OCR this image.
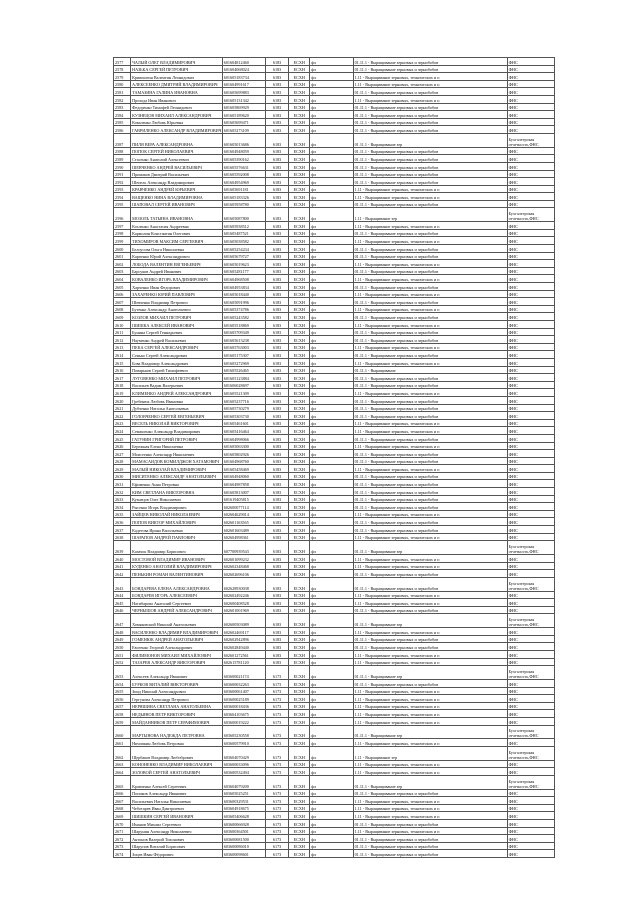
2577	ЧАЛЫЙ ОЛЕГ ВЛАДИМИРОВИЧ	601604812460	6183	ЕСХН	фл	01.11.1 - Выращивание зерновых и зернобобов	ФНС
2578	НАЗЬКА СЕРГЕЙ ПЕТРОВИЧ	601604068024	6183	ЕСХН	фл	01.11.1 - Выращивание зерновых и зернобобов	ФНС
2579	Кривошеин Валентин Леонидович	601605183734	6183	ЕСХН	фл	1.11 - Выращивание зерновых, технических и п	ФНС
2580	АЛЕКСЕЕНКО ДМИТРИЙ ВЛАДИМИРОВИЧ	601604991617	6183	ЕСХН	фл	1.11 - Выращивание зерновых, технических и п	ФНС
2581	ТАМАЗИНА ГАЛИНА ИВАНОВНА	601605699883	6183	ЕСХН	фл	01.11.1 - Выращивание зерновых и зернобобов	ФНС
2582	Прохода Иван Иванович	601605131342	6183	ЕСХН	фл	1.11 - Выращивание зерновых, технических и п	ФНС
2583	Федоренко Тимофей Леонидович	601605869929	6183	ЕСХН	фл	01.11.1 - Выращивание зерновых и зернобобов	ФНС
2584	КУЗНЕЦОВ МИХАИЛ АЛЕКСАНДРОВИЧ	601605189620	6183	ЕСХН	фл	01.11.1 - Выращивание зерновых и зернобобов	ФНС
2585	Коваленко Любовь Юрьевна	601605699471	6183	ЕСХН	фл	01.11.1 - Выращивание зерновых и зернобобов	ФНС
2586	ГАВРИЛЕНКО АЛЕКСАНДР ВЛАДИМИРОВИЧ	601605273109	6183	ЕСХН	фл	01.11.1 - Выращивание зерновых и зернобобов	ФНС
2587	ПИЛЯ ВЕРА АЛЕКСАНДРОВНА	601605013686	6183	ЕСХН	фл	01.11.1 - Выращивание зер	Бухгалтерская отчетность,ФНС
2588	ПОПОК СЕРГЕЙ НИКОЛАЕВИЧ	601604948059	6183	ЕСХН	фл	01.11.1 - Выращивание зерновых и зернобобов	ФНС
2589	Стасенко Анатолий Алексеевич	601605390162	6183	ЕСХН	фл	01.11.1 - Выращивание зерновых и зернобобов	ФНС
2590	ШЕВЧЕНКО АНДРЕЙ ВАСИЛЬЕВИЧ	601605576631	6183	ЕСХН	фл	01.11.1 - Выращивание зерновых и зернобобов	ФНС
2591	Примаков Дмитрий Васильевич	601605592008	6183	ЕСХН	фл	01.11.1 - Выращивание зерновых и зернобобов	ФНС
2592	Шепель Александр Владимирович	601604954969	6183	ЕСХН	фл	01.11.1 - Выращивание зерновых и зернобобов	ФНС
2593	КРАВЧЕНКО АНДРЕЙ ЮРЬЕВИЧ	601605691181	6183	ЕСХН	фл	1.11 - Выращивание зерновых, технических и п	ФНС
2594	ВАЩЕНКО НИНА ВЛАДИМИРОВНА	601605183326	6183	ЕСХН	фл	1.11 - Выращивание зерновых, технических и п	ФНС
2595	ШАПОВАЛ СЕРГЕЙ ИВАНОВИЧ	601605958780	6183	ЕСХН	фл	01.11.1 - Выращивание зерновых и зернобобов	ФНС
2596	МОЗОЛЬ ТАТЬЯНА ИВАНОВНА	601605087800	6183	ЕСХН	фл	1.11 - Выращивание зер	Бухгалтерская отчетность,ФНС
2597	Козленко Анастасия Андреевна	601605938512	6183	ЕСХН	фл	1.11 - Выращивание зерновых, технических и п	ФНС
2598	Кармолин Константин Олегович	601605487521	6183	ЕСХН	фл	01.11.1 - Выращивание зерновых и зернобобов	ФНС
2599	ТИХОМИРОВ МАКСИМ СЕРГЕЕВИЧ	601605038582	6183	ЕСХН	фл	1.11 - Выращивание зерновых, технических и п	ФНС
2600	Белоусова Ольга Николаевна	601605254234	6183	ЕСХН	фл	01.11.1 - Выращивание зерновых и зернобобов	ФНС
2601	Карпенко Юрий Александрович	601605679727	6183	ЕСХН	фл	01.11.1 - Выращивание зерновых и зернобобов	ФНС
2602	ЛОБОДА ВАЛЕНТИН ЕВГЕНЬЕВИЧ	601605019623	6183	ЕСХН	фл	1.11 - Выращивание зерновых, технических и п	ФНС
2603	Барсуков Андрей Иванович	601605281177	6183	ЕСХН	фл	01.11.1 - Выращивание зерновых и зернобобов	ФНС
2604	КОВАЛЕНКО ИГОРЬ ВЛАДИМИРОВИЧ	601604968508	6183	ЕСХН	фл	1.11 - Выращивание зерновых, технических и п	ФНС
2605	Харченко Иван Федорович	601604953834	6183	ЕСХН	фл	01.11.1 - Выращивание зерновых и зернобобов	ФНС
2606	ЗАХАРЕНКО ЮРИЙ ПАВЛОВИЧ	601605018440	6183	ЕСХН	фл	1.11 - Выращивание зерновых, технических и п	ФНС
2607	Шевченко Владимир Петрович	601605091996	6183	ЕСХН	фл	01.11.1 - Выращивание зерновых и зернобобов	ФНС
2608	Бутенко Александр Анатольевич	601605374786	6183	ЕСХН	фл	1.11 - Выращивание зерновых, технических и п	ФНС
2609	КОЗЛОВ МИХАИЛ ПЕТРОВИЧ	601605243582	6183	ЕСХН	фл	01.11.1 - Выращивание зерновых и зернобобов	ФНС
2610	ШИШКА АЛЕКСЕЙ ИВАНОВИЧ	601605518869	6183	ЕСХН	фл	1.11 - Выращивание зерновых, технических и п	ФНС
2611	Бунина Сергей Геннадьевич	601605709349	6183	ЕСХН	фл	01.11.1 - Выращивание зерновых и зернобобов	ФНС
2612	Науменко Андрей Васильевич	601605613238	6183	ЕСХН	фл	01.11.1 - Выращивание зерновых и зернобобов	ФНС
2613	ПЕКА СЕРГЕЙ АЛЕКСАНДРОВИЧ	601605763003	6183	ЕСХН	фл	1.11 - Выращивание зерновых, технических и п	ФНС
2614	Сенько Сергей Александрович	601605175307	6183	ЕСХН	фл	01.11.1 - Выращивание зерновых и зернобобов	ФНС
2615	Бова Владимир Александрович	601605272969	6183	ЕСХН	фл	1.11 - Выращивание зерновых, технических и п	ФНС
2616	Поварьков Сергей Тимофеевич	601605526465	6183	ЕСХН	фл	01.11.1 - Выращивание	ФНС
2617	ЛУГОВЕНКО МИХАИЛ ПЕТРОВИЧ	601605123884	6183	ЕСХН	фл	01.11.1 - Выращивание зерновых и зернобобов	ФНС
2618	Васильев Вадим Валерьевич	601606028697	6183	ЕСХН	фл	01.11.1 - Выращивание зерновых и зернобобов	ФНС
2619	КЛИМЕНКО АНДРЕЙ АЛЕКСАНДРОВИЧ	601605521309	6183	ЕСХН	фл	1.11 - Выращивание зерновых, технических и п	ФНС
2620	Гребенюк Любовь Ивановна	601605237716	6183	ЕСХН	фл	01.11.1 - Выращивание зерновых и зернобобов	ФНС
2621	Дубченко Наталья Анатольевна	601605730279	6183	ЕСХН	фл	01.11.1 - Выращивание зерновых и зернобобов	ФНС
2622	ГОЛОВЧЕНКО СЕРГЕЙ ЕВГЕНЬЕВИЧ	601605303730	6183	ЕСХН	фл	01.11.1 - Выращивание зерновых и зернобобов	ФНС
2623	ВЕСЕЛЬ НИКОЛАЙ ВИКТОРОВИЧ	601605461601	6183	ЕСХН	фл	1.11 - Выращивание зерновых, технических и п	ФНС
2624	Семашенко Александр Владимирович	601605416464	6183	ЕСХН	фл	1.11 - Выращивание зерновых, технических и п	ФНС
2625	ГАТУНИН ГРИГОРИЙ ПЕТРОВИЧ	601604998066	6183	ЕСХН	фл	01.11.1 - Выращивание зерновых и зернобобов	ФНС
2626	Бережная Елена Николаевна	601605063300	6183	ЕСХН	фл	1.11 - Выращивание зерновых, технических и п	ФНС
2627	Моисеенко Александр Николаевич	601605802926	6183	ЕСХН	фл	01.11.1 - Выращивание зерновых и зернобобов	ФНС
2628	МАМАСАИДОВ КОМИЛДЖОН ХАТАМОВИЧ	601604968760	6183	ЕСХН	фл	01.11.1 - Выращивание зерновых и зернобобов	ФНС
2629	МАЛЫЙ НИКОЛАЙ ВЛАДИМИРОВИЧ	601605458469	6183	ЕСХН	фл	1.11 - Выращивание зерновых, технических и п	ФНС
2630	МИСИТЕНКО АЛЕКСАНДР АНАТОЛЬЕВИЧ	601604948060	6183	ЕСХН	фл	01.11.1 - Выращивание зерновых и зернобобов	ФНС
2631	Ефименко Анна Петровна	601604987858	6183	ЕСХН	фл	01.11.1 - Выращивание зерновых и зернобобов	ФНС
2632	КИМ СВЕТЛАНА ВИКТОРОВНА	601605813007	6183	ЕСХН	фл	01.11.1 - Выращивание зерновых и зернобобов	ФНС
2633	Кузнецов Олег Николаевич	601619405815	6183	ЕСХН	фл	01.11.1 - Выращивание зерновых и зернобобов	ФНС
2634	Рысенко Игорь Владимирович	602600077114	6183	ЕСХН	фл	01.11.1 - Выращивание зерновых и зернобобов	ФНС
2635	ЗАЙЦЕВ НИКОЛАЙ НИКОЛАЕВИЧ	602604629014	6183	ЕСХН	фл	1.11 - Выращивание зерновых, технических и п	ФНС
2636	ПОПОВ ВИКТОР МИХАЙЛОВИЧ	602601163565	6183	ЕСХН	фл	01.11.1 - Выращивание зерновых и зернобобов	ФНС
2637	Кадетова Ирина Васильевна	602601603489	6183	ЕСХН	фл	01.11.1 - Выращивание зерновых и зернобобов	ФНС
2638	ШАРАПОВ АНДРЕЙ ПАВЛОВИЧ	602604998361	6183	ЕСХН	фл	1.11 - Выращивание зерновых, технических и п	ФНС
2639	Казачок Владимир Борисович	607700939543	6183	ЕСХН	фл	01.11.1 - Выращивание зер	Бухгалтерская отчетность,ФНС
2640	МОСТОВОЙ ВЛАДИМИР ИВАНОВИЧ	602601099232	6183	ЕСХН	фл	1.11 - Выращивание зерновых, технических и п	ФНС
2641	КУДЕНКО АНАТОЛИЙ ВЛАДИМИРОВИЧ	602602348468	6183	ЕСХН	фл	1.11 - Выращивание зерновых, технических и п	ФНС
2642	ПЕНЬКИН РОМАН ВАЛЕНТИНОВИЧ	602602696106	6183	ЕСХН	фл	01.11.1 - Выращивание зерновых и зернобобов	ФНС
2643	БОНДАРЕВА ЕЛЕНА АЛЕКСАНДРОВНА	602628930038	6183	ЕСХН	фл	01.11.1 - Выращивание зерновых и зернобобов	Бухгалтерская отчетность,ФНС
2644	БОНДАРЕВ ИГОРЬ АЛЕКСЕЕВИЧ	602602492246	6183	ЕСХН	фл	1.11 - Выращивание зерновых, технических и п	ФНС
2645	Нагибарова Анатолий Сергеевич	602600408528	6183	ЕСХН	фл	1.11 - Выращивание зерновых, технических и п	ФНС
2646	ЧЕРНЫШОВ АНДРЕЙ АЛЕКСАНДРОВИЧ	602601001969	6183	ЕСХН	фл	01.11.1 - Выращивание зерновых и зернобобов	ФНС
2647	Хомяковский Николай Анатольевич	602600503089	6183	ЕСХН	фл	01.11.1 - Выращивание зер	Бухгалтерская отчетность,ФНС
2648	ВАСИЛЕНКО ВЛАДИМИР ВЛАДИМИРОВИЧ	602602469117	6183	ЕСХН	фл	1.11 - Выращивание зерновых, технических и п	ФНС
2649	ГОМЕНЮК АНДРЕЙ АНАТОЛЬЕВИЧ	602602942896	6183	ЕСХН	фл	01.11.1 - Выращивание зерновых и зернобобов	ФНС
2650	Евсеенко Георгий Александрович	602602849440	6183	ЕСХН	фл	01.11.1 - Выращивание зерновых и зернобобов	ФНС
2651	ФИЛИМОНОВ МИХАИЛ МИХАЙЛОВИЧ	602601272561	6183	ЕСХН	фл	1.11 - Выращивание зерновых, технических и п	ФНС
2652	ТАЗАРЕВ АЛЕКСАНДР ВИКТОРОВИЧ	602615781120	6183	ЕСХН	фл	1.11 - Выращивание зерновых, технических и п	ФНС
2653	Алексеев Александр Иванович	603600021174	6173	ЕСХН	фл	01.11.1 - Выращивание зер	Бухгалтерская отчетность,ФНС
2654	БУРКОВ ВИТАЛИЙ ВИКТОРОВИЧ	603600032263	6173	ЕСХН	фл	01.11.1 - Выращивание зерновых и зернобобов	ФНС
2655	Зиид Николай Александрович	603600061407	6173	ЕСХН	фл	1.11 - Выращивание зерновых, технических и п	ФНС
2656	Гергунова Александр Петрович	603600025189	6173	ЕСХН	фл	1.11 - Выращивание зерновых, технических и п	ФНС
2657	НЕРЯШИНА СВЕТЛАНА АНАТОЛЬЕВНА	603600018436	6173	ЕСХН	фл	1.11 - Выращивание зерновых, технических и п	ФНС
2658	НЕДЬЯНОВ ПЕТР ВИКТОРОВИЧ	603604103675	6173	ЕСХН	фл	1.11 - Выращивание зерновых, технических и п	ФНС
2659	МАЙДАННИКОВ ПЕТР СЕРАФИМОВИЧ	603600019222	6173	ЕСХН	фл	1.11 - Выращивание зерновых, технических и п	ФНС
2660	МАРТЫНОВА НАДЕЖДА ПЕТРОВНА	603605230558	6173	ЕСХН	фл	01.11.1 - Выращивание зер	Бухгалтерская отчетность,ФНС
2661	Ничипкин Любовь Петровна	603600579910	6173	ЕСХН	фл	1.11 - Выращивание зерновых, технических и п	ФНС
2662	Щербаков Владимир Любобрович	603604070429	6173	ЕСХН	фл	1.11 - Выращивание зер	Бухгалтерская отчетность,ФНС
2663	КОНОНЕНКО ВЛАДИМИР НИКОЛАЕВИЧ	603600033096	6173	ЕСХН	фл	1.11 - Выращивание зерновых, технических и п	ФНС
2664	ЗОЛОВОЙ СЕРГЕЙ АНАТОЛЬЕВИЧ	603600532494	6173	ЕСХН	фл	1.11 - Выращивание зерновых, технических и п	ФНС
2665	Кравченко Алексей Сергеевич	603604079200	6173	ЕСХН	фл	01.11.1 - Выращивание зер	Бухгалтерская отчетность,ФНС
2666	Попиков Александр Иванович	603605025251	6173	ЕСХН	фл	01.11.1 - Выращивание зерновых и зернобобов	ФНС
2667	Васильевич Наталья Николаевна	603600329531	6173	ЕСХН	фл	1.11 - Выращивание зерновых, технических и п	ФНС
2668	Чеботарев Иван Дмитриевич	603604918675	6173	ЕСХН	фл	1.11 - Выращивание зерновых, технических и п	ФНС
2669	ШИШКИН СЕРГЕЙ ИВАНОВИЧ	603605406628	6173	ЕСХН	фл	1.11 - Выращивание зерновых, технических и п	ФНС
2670	Иманов Михаил Сергеевич	603600066928	6173	ЕСХН	фл	01.11.1 - Выращивание зерновых и зернобобов	ФНС
2671	Шарунин Александр Николаевич	603600364501	6173	ЕСХН	фл	1.11 - Выращивание зерновых, технических и п	ФНС
2672	Антонов Валерий Тихонович	603600681500	6173	ЕСХН	фл	01.11.1 - Выращивание зерновых и зернобобов	ФНС
2673	Шарупов Виталий Борисович	603600086010	6173	ЕСХН	фл	01.11.1 - Выращивание зерновых и зернобобов	ФНС
2674	Зоцев Иван Фёдорович	603600098601	6173	ЕСХН	фл	01.11.1 - Выращивание зерновых и зернобобов	ФНС
